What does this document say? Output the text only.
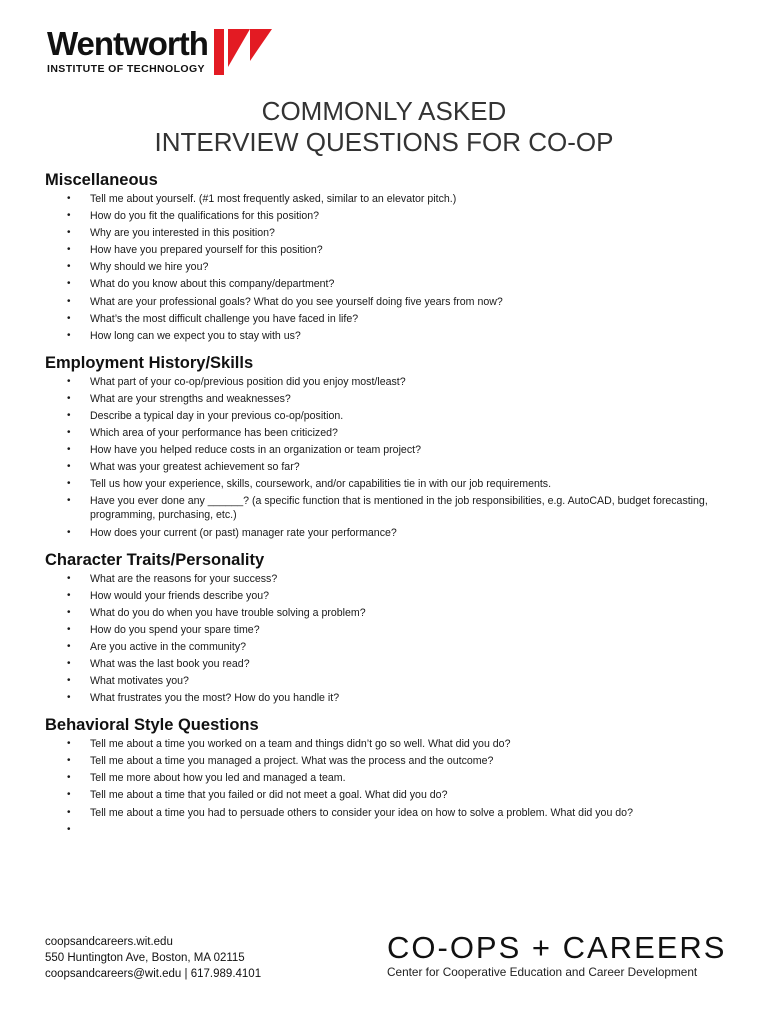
Wentworth
INSTITUTE OF TECHNOLOGY
COMMONLY ASKED
INTERVIEW QUESTIONS FOR CO-OP
Miscellaneous
• Tell me about yourself. (#1 most frequently asked, similar to an elevator pitch.)
• How do you fit the qualifications for this position?
• Why are you interested in this position?
• How have you prepared yourself for this position?
• Why should we hire you?
• What do you know about this company/department?
• What are your professional goals? What do you see yourself doing five years from now?
• What’s the most difficult challenge you have faced in life?
• How long can we expect you to stay with us?
Employment History/Skills
• What part of your co-op/previous position did you enjoy most/least?
• What are your strengths and weaknesses?
• Describe a typical day in your previous co-op/position.
• Which area of your performance has been criticized?
• How have you helped reduce costs in an organization or team project?
• What was your greatest achievement so far?
• Tell us how your experience, skills, coursework, and/or capabilities tie in with our job requirements.
• Have you ever done any ______? (a specific function that is mentioned in the job responsibilities, e.g. AutoCAD, budget forecasting, programming, purchasing, etc.)
• How does your current (or past) manager rate your performance?
Character Traits/Personality
• What are the reasons for your success?
• How would your friends describe you?
• What do you do when you have trouble solving a problem?
• How do you spend your spare time?
• Are you active in the community?
• What was the last book you read?
• What motivates you?
• What frustrates you the most? How do you handle it?
Behavioral Style Questions
• Tell me about a time you worked on a team and things didn’t go so well. What did you do?
• Tell me about a time you managed a project. What was the process and the outcome?
• Tell me more about how you led and managed a team.
• Tell me about a time that you failed or did not meet a goal. What did you do?
• Tell me about a time you had to persuade others to consider your idea on how to solve a problem. What did you do?
•
coopsandcareers.wit.edu
550 Huntington Ave, Boston, MA 02115
coopsandcareers@wit.edu | 617.989.4101
CO-OPS + CAREERS
Center for Cooperative Education and Career Development
